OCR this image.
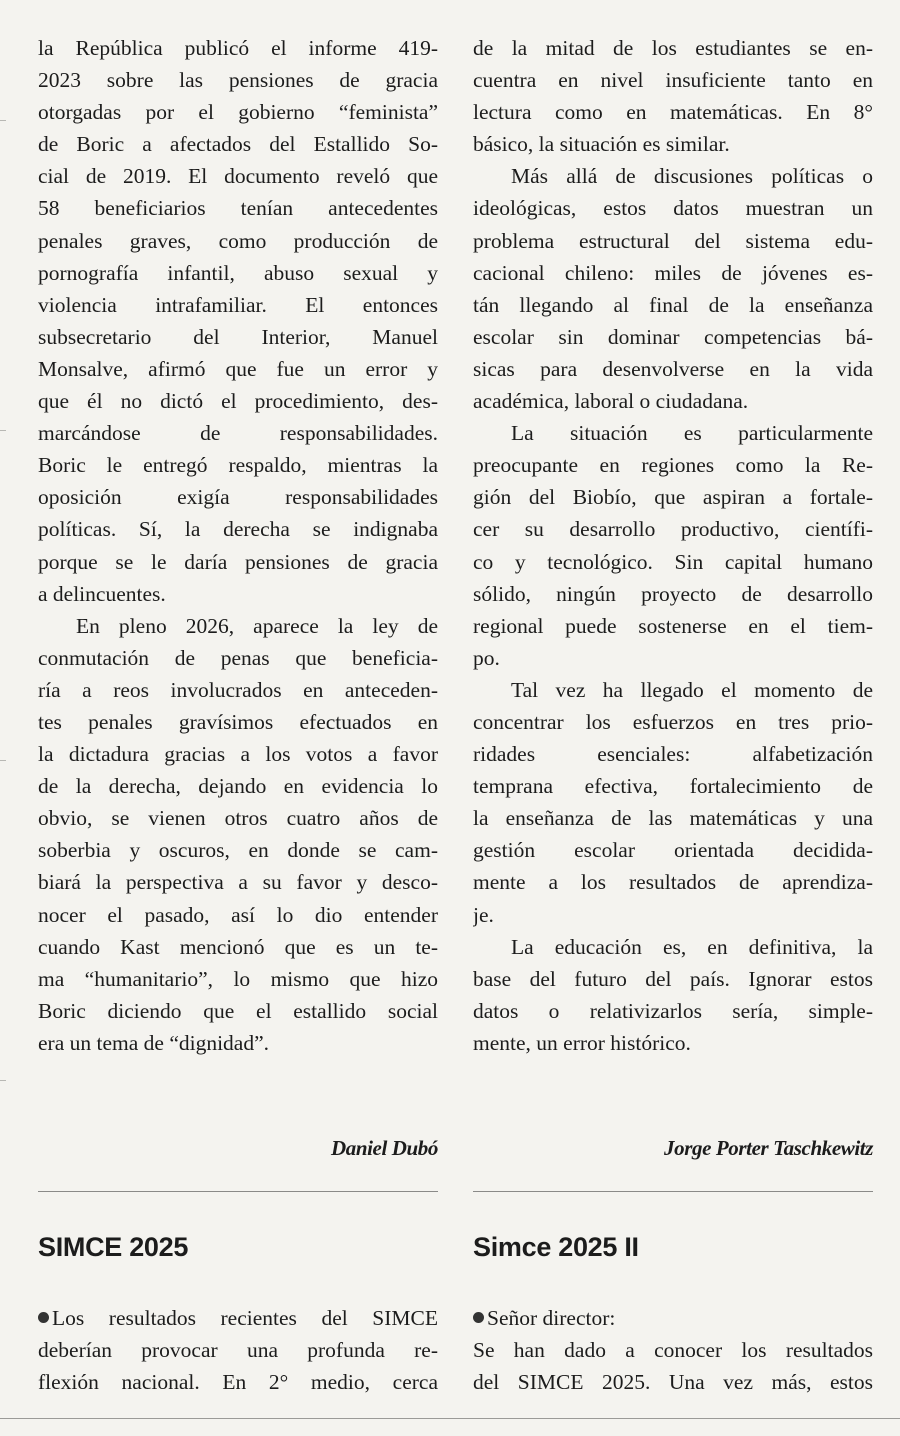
la República publicó el informe 419-
2023 sobre las pensiones de gracia
otorgadas por el gobierno “feminista”
de Boric a afectados del Estallido So-
cial de 2019. El documento reveló que
58 beneficiarios tenían antecedentes
penales graves, como producción de
pornografía infantil, abuso sexual y
violencia intrafamiliar. El entonces
subsecretario del Interior, Manuel
Monsalve, afirmó que fue un error y
que él no dictó el procedimiento, des-
marcándose de responsabilidades.
Boric le entregó respaldo, mientras la
oposición exigía responsabilidades
políticas. Sí, la derecha se indignaba
porque se le daría pensiones de gracia
a delincuentes.
En pleno 2026, aparece la ley de
conmutación de penas que beneficia-
ría a reos involucrados en anteceden-
tes penales gravísimos efectuados en
la dictadura gracias a los votos a favor
de la derecha, dejando en evidencia lo
obvio, se vienen otros cuatro años de
soberbia y oscuros, en donde se cam-
biará la perspectiva a su favor y desco-
nocer el pasado, así lo dio entender
cuando Kast mencionó que es un te-
ma “humanitario”, lo mismo que hizo
Boric diciendo que el estallido social
era un tema de “dignidad”.
de la mitad de los estudiantes se en-
cuentra en nivel insuficiente tanto en
lectura como en matemáticas. En 8°
básico, la situación es similar.
Más allá de discusiones políticas o
ideológicas, estos datos muestran un
problema estructural del sistema edu-
cacional chileno: miles de jóvenes es-
tán llegando al final de la enseñanza
escolar sin dominar competencias bá-
sicas para desenvolverse en la vida
académica, laboral o ciudadana.
La situación es particularmente
preocupante en regiones como la Re-
gión del Biobío, que aspiran a fortale-
cer su desarrollo productivo, científi-
co y tecnológico. Sin capital humano
sólido, ningún proyecto de desarrollo
regional puede sostenerse en el tiem-
po.
Tal vez ha llegado el momento de
concentrar los esfuerzos en tres prio-
ridades esenciales: alfabetización
temprana efectiva, fortalecimiento de
la enseñanza de las matemáticas y una
gestión escolar orientada decidida-
mente a los resultados de aprendiza-
je.
La educación es, en definitiva, la
base del futuro del país. Ignorar estos
datos o relativizarlos sería, simple-
mente, un error histórico.
Daniel Dubó	Jorge Porter Taschkewitz
SIMCE 2025	Simce 2025 II
Los resultados recientes del SIMCE
deberían provocar una profunda re-
flexión nacional. En 2° medio, cerca
Señor director:
Se han dado a conocer los resultados
del SIMCE 2025. Una vez más, estos
